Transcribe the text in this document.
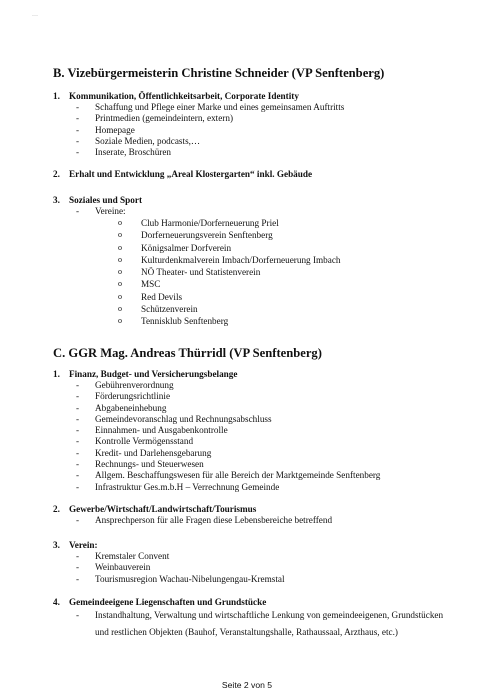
…
B. Vizebürgermeisterin Christine Schneider (VP Senftenberg)
1. Kommunikation, Öffentlichkeitsarbeit, Corporate Identity
- Schaffung und Pflege einer Marke und eines gemeinsamen Auftritts
- Printmedien (gemeindeintern, extern)
- Homepage
- Soziale Medien, podcasts,…
- Inserate, Broschüren
2. Erhalt und Entwicklung „Areal Klostergarten“ inkl. Gebäude
3. Soziales und Sport
- Vereine:
o Club Harmonie/Dorferneuerung Priel
o Dorferneuerungsverein Senftenberg
o Königsalmer Dorfverein
o Kulturdenkmalverein Imbach/Dorferneuerung Imbach
o NÖ Theater- und Statistenverein
o MSC
o Red Devils
o Schützenverein
o Tennisklub Senftenberg
C. GGR Mag. Andreas Thürridl (VP Senftenberg)
1. Finanz, Budget- und Versicherungsbelange
- Gebührenverordnung
- Förderungsrichtlinie
- Abgabeneinhebung
- Gemeindevoranschlag und Rechnungsabschluss
- Einnahmen- und Ausgabenkontrolle
- Kontrolle Vermögensstand
- Kredit- und Darlehensgebarung
- Rechnungs- und Steuerwesen
- Allgem. Beschaffungswesen für alle Bereich der Marktgemeinde Senftenberg
- Infrastruktur Ges.m.b.H – Verrechnung Gemeinde
2. Gewerbe/Wirtschaft/Landwirtschaft/Tourismus
- Ansprechperson für alle Fragen diese Lebensbereiche betreffend
3. Verein:
- Kremstaler Convent
- Weinbauverein
- Tourismusregion Wachau-Nibelungengau-Kremstal
4. Gemeindeeigene Liegenschaften und Grundstücke
- Instandhaltung, Verwaltung und wirtschaftliche Lenkung von gemeindeeigenen, Grundstücken und restlichen Objekten (Bauhof, Veranstaltungshalle, Rathaussaal, Arzthaus, etc.)
Seite 2 von 5
